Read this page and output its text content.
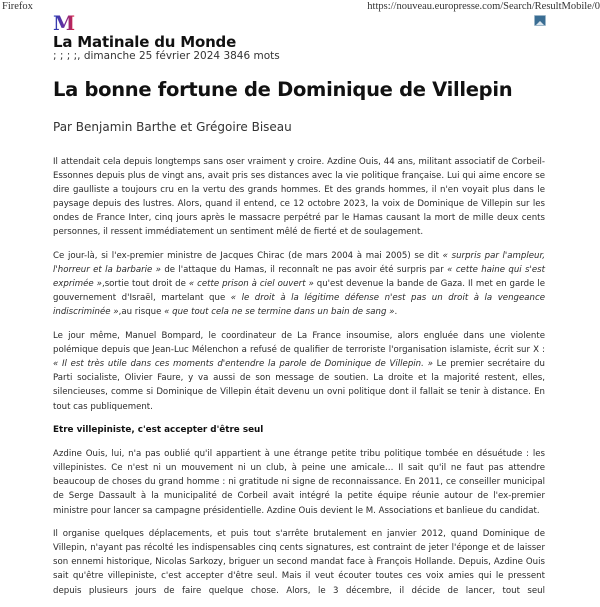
Firefox	https://nouveau.europresse.com/Search/ResultMobile/0
M
La Matinale du Monde
; ; ; ;, dimanche 25 février 2024 3846 mots
La bonne fortune de Dominique de Villepin
Par Benjamin Barthe et Grégoire Biseau

Il attendait cela depuis longtemps sans oser vraiment y croire. Azdine Ouis, 44 ans, militant associatif de Corbeil-Essonnes depuis plus de vingt ans, avait pris ses distances avec la vie politique française. Lui qui aime encore se dire gaulliste a toujours cru en la vertu des grands hommes. Et des grands hommes, il n'en voyait plus dans le paysage depuis des lustres. Alors, quand il entend, ce 12 octobre 2023, la voix de Dominique de Villepin sur les ondes de France Inter, cinq jours après le massacre perpétré par le Hamas causant la mort de mille deux cents personnes, il ressent immédiatement un sentiment mêlé de fierté et de soulagement.

Ce jour-là, si l'ex-premier ministre de Jacques Chirac (de mars 2004 à mai 2005) se dit « surpris par l'ampleur, l'horreur et la barbarie » de l'attaque du Hamas, il reconnaît ne pas avoir été surpris par « cette haine qui s'est exprimée »,sortie tout droit de « cette prison à ciel ouvert » qu'est devenue la bande de Gaza. Il met en garde le gouvernement d'Israël, martelant que « le droit à la légitime défense n'est pas un droit à la vengeance indiscriminée »,au risque « que tout cela ne se termine dans un bain de sang ».

Le jour même, Manuel Bompard, le coordinateur de La France insoumise, alors engluée dans une violente polémique depuis que Jean-Luc Mélenchon a refusé de qualifier de terroriste l'organisation islamiste, écrit sur X : « Il est très utile dans ces moments d'entendre la parole de Dominique de Villepin. » Le premier secrétaire du Parti socialiste, Olivier Faure, y va aussi de son message de soutien. La droite et la majorité restent, elles, silencieuses, comme si Dominique de Villepin était devenu un ovni politique dont il fallait se tenir à distance. En tout cas publiquement.

Etre villepiniste, c'est accepter d'être seul

Azdine Ouis, lui, n'a pas oublié qu'il appartient à une étrange petite tribu politique tombée en désuétude : les villepinistes. Ce n'est ni un mouvement ni un club, à peine une amicale… Il sait qu'il ne faut pas attendre beaucoup de choses du grand homme : ni gratitude ni signe de reconnaissance. En 2011, ce conseiller municipal de Serge Dassault à la municipalité de Corbeil avait intégré la petite équipe réunie autour de l'ex-premier ministre pour lancer sa campagne présidentielle. Azdine Ouis devient le M. Associations et banlieue du candidat.

Il organise quelques déplacements, et puis tout s'arrête brutalement en janvier 2012, quand Dominique de Villepin, n'ayant pas récolté les indispensables cinq cents signatures, est contraint de jeter l'éponge et de laisser son ennemi historique, Nicolas Sarkozy, briguer un second mandat face à François Hollande. Depuis, Azdine Ouis sait qu'être villepiniste, c'est accepter d'être seul. Mais il veut écouter toutes ces voix amies qui le pressent depuis plusieurs jours de faire quelque chose. Alors, le 3 décembre, il décide de lancer, tout seul
